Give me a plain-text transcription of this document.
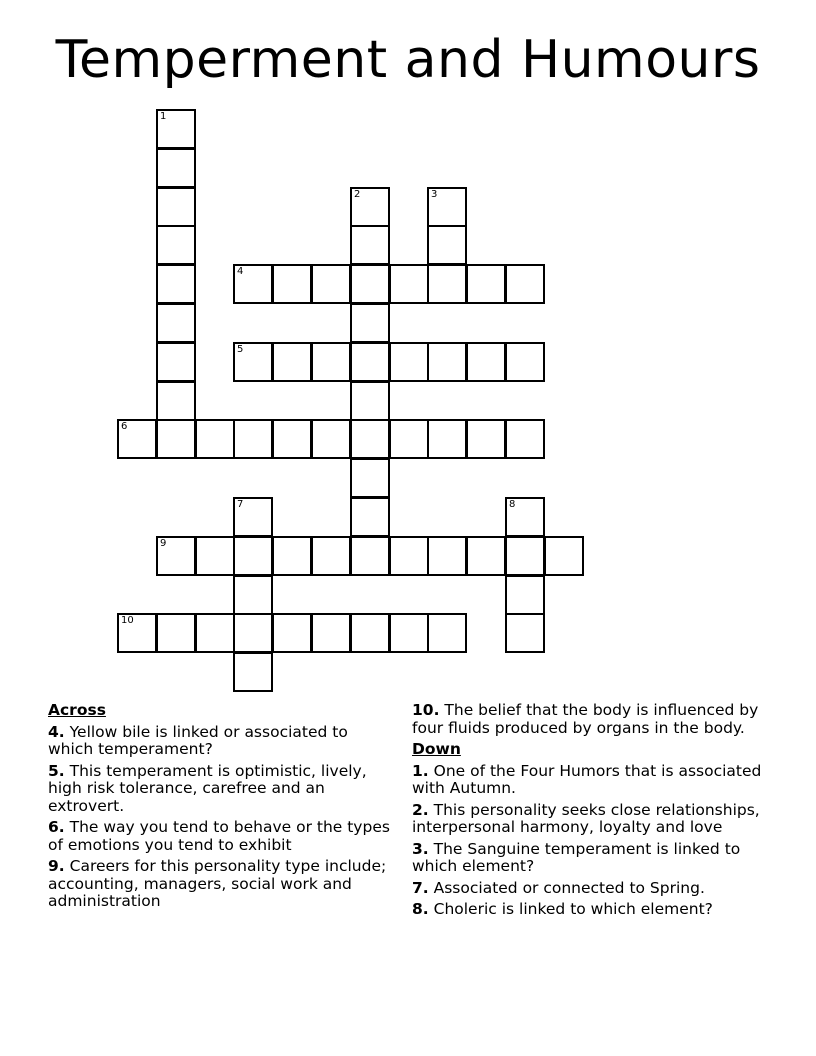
Temperment and Humours
1
2	3
4
5
6
7	8
9
10
Across
4. Yellow bile is linked or associated to which temperament?
5. This temperament is optimistic, lively, high risk tolerance, carefree and an extrovert.
6. The way you tend to behave or the types of emotions you tend to exhibit
9. Careers for this personality type include; accounting, managers, social work and administration
10. The belief that the body is influenced by four fluids produced by organs in the body.
Down
1. One of the Four Humors that is associated with Autumn.
2. This personality seeks close relationships, interpersonal harmony, loyalty and love
3. The Sanguine temperament is linked to which element?
7. Associated or connected to Spring.
8. Choleric is linked to which element?
